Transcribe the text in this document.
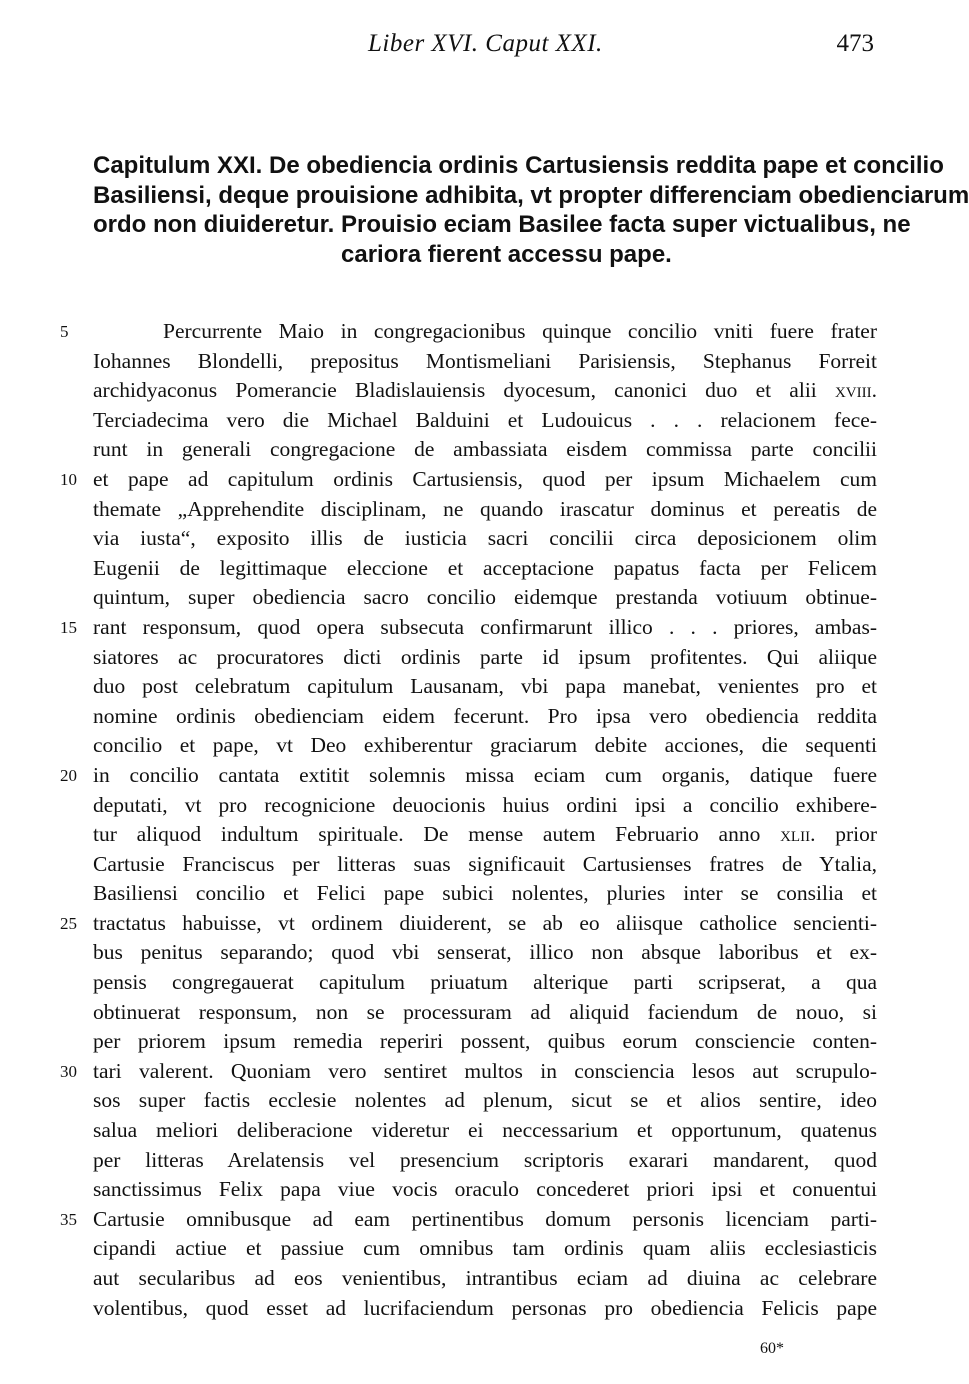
Liber XVI. Caput XXI.	473
Capitulum XXI. De obediencia ordinis Cartusiensis reddita pape et concilio
Basiliensi, deque prouisione adhibita, vt propter differenciam obedienciarum
ordo non diuideretur. Prouisio eciam Basilee facta super victualibus, ne
cariora fierent accessu pape.
5	Percurrente Maio in congregacionibus quinque concilio vniti fuere frater
Iohannes Blondelli, prepositus Montismeliani Parisiensis, Stephanus Forreit
archidyaconus Pomerancie Bladislauiensis dyocesum, canonici duo et alii xviii.
Terciadecima vero die Michael Balduini et Ludouicus . . . relacionem fece-
runt in generali congregacione de ambassiata eisdem commissa parte concilii
10 et pape ad capitulum ordinis Cartusiensis, quod per ipsum Michaelem cum
themate „Apprehendite disciplinam, ne quando irascatur dominus et pereatis de
via iusta“, exposito illis de iusticia sacri concilii circa deposicionem olim
Eugenii de legittimaque eleccione et acceptacione papatus facta per Felicem
quintum, super obediencia sacro concilio eidemque prestanda votiuum obtinue-
15 rant responsum, quod opera subsecuta confirmarunt illico . . . priores, ambas-
siatores ac procuratores dicti ordinis parte id ipsum profitentes. Qui aliique
duo post celebratum capitulum Lausanam, vbi papa manebat, venientes pro et
nomine ordinis obedienciam eidem fecerunt. Pro ipsa vero obediencia reddita
concilio et pape, vt Deo exhiberentur graciarum debite acciones, die sequenti
20 in concilio cantata extitit solemnis missa eciam cum organis, datique fuere
deputati, vt pro recognicione deuocionis huius ordini ipsi a concilio exhibere-
tur aliquod indultum spirituale. De mense autem Februario anno xlii. prior
Cartusie Franciscus per litteras suas significauit Cartusienses fratres de Ytalia,
Basiliensi concilio et Felici pape subici nolentes, pluries inter se consilia et
25 tractatus habuisse, vt ordinem diuiderent, se ab eo aliisque catholice sencienti-
bus penitus separando; quod vbi senserat, illico non absque laboribus et ex-
pensis congregauerat capitulum priuatum alterique parti scripserat, a qua
obtinuerat responsum, non se processuram ad aliquid faciendum de nouo, si
per priorem ipsum remedia reperiri possent, quibus eorum consciencie conten-
30 tari valerent. Quoniam vero sentiret multos in consciencia lesos aut scrupulo-
sos super factis ecclesie nolentes ad plenum, sicut se et alios sentire, ideo
salua meliori deliberacione videretur ei neccessarium et opportunum, quatenus
per litteras Arelatensis vel presencium scriptoris exarari mandarent, quod
sanctissimus Felix papa viue vocis oraculo concederet priori ipsi et conuentui
35 Cartusie omnibusque ad eam pertinentibus domum personis licenciam parti-
cipandi actiue et passiue cum omnibus tam ordinis quam aliis ecclesiasticis
aut secularibus ad eos venientibus, intrantibus eciam ad diuina ac celebrare
volentibus, quod esset ad lucrifaciendum personas pro obediencia Felicis pape
60*
